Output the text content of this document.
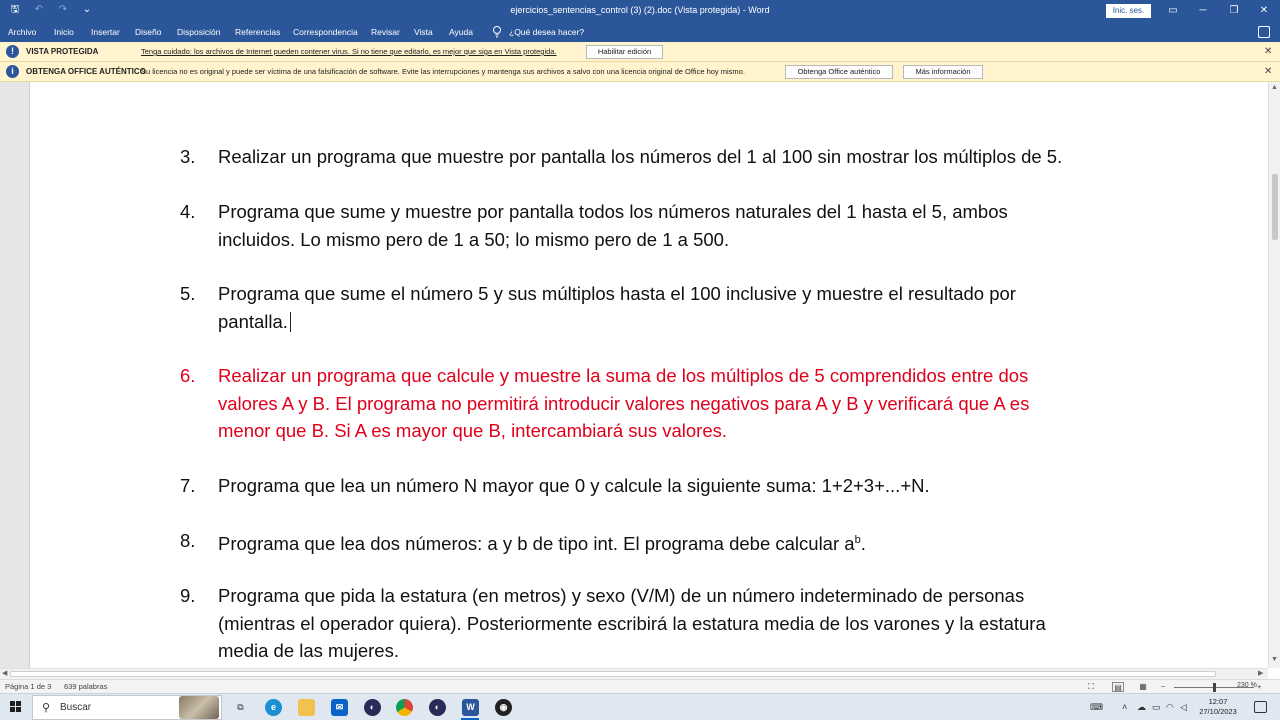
🖫 ↶ ↷ ⌄	ejercicios_sentencias_control (3) (2).doc (Vista protegida) - Word	Inic. ses.	▭	─	❐	✕
Archivo Inicio Insertar Diseño Disposición Referencias Correspondencia Revisar Vista Ayuda	¿Qué desea hacer?
!	VISTA PROTEGIDA	Tenga cuidado: los archivos de Internet pueden contener virus. Si no tiene que editarlo, es mejor que siga en Vista protegida.	Habilitar edición	✕
i	OBTENGA OFFICE AUTÉNTICO
Su licencia no es original y puede ser víctima de una falsificación de software. Evite las interrupciones y mantenga sus archivos a salvo con una licencia original de Office hoy mismo.	Obtenga Office auténtico	Más información	✕
3.	Realizar un programa que muestre por pantalla los números del 1 al 100 sin mostrar los múltiplos de 5.
4.	Programa que sume y muestre por pantalla todos los números naturales del 1 hasta el 5, ambos
incluidos. Lo mismo pero de 1 a 50; lo mismo pero de 1 a 500.
5.	Programa que sume el número 5 y sus múltiplos hasta el 100 inclusive y muestre el resultado por
pantalla.
6.	Realizar un programa que calcule y muestre la suma de los múltiplos de 5 comprendidos entre dos
valores A y B. El programa no permitirá introducir valores negativos para A y B y verificará que A es
menor que B. Si A es mayor que B, intercambiará sus valores.
7.	Programa que lea un número N mayor que 0 y calcule la siguiente suma: 1+2+3+...+N.
8.	Programa que lea dos números: a y b de tipo int. El programa debe calcular $a^b$.
9.	Programa que pida la estatura (en metros) y sexo (V/M) de un número indeterminado de personas
(mientras el operador quiera). Posteriormente escribirá la estatura media de los varones y la estatura
media de las mujeres.
▲
▼
◀	▶
Página 1 de 3 639 palabras	⛶	▤ ▦ −	+
230 %
⚲ Buscar	⧉	e	✉	◐	◐	W	◉	⌨ ˄ ☁ ▭ ◠ ◁
12:07
27/10/2023
